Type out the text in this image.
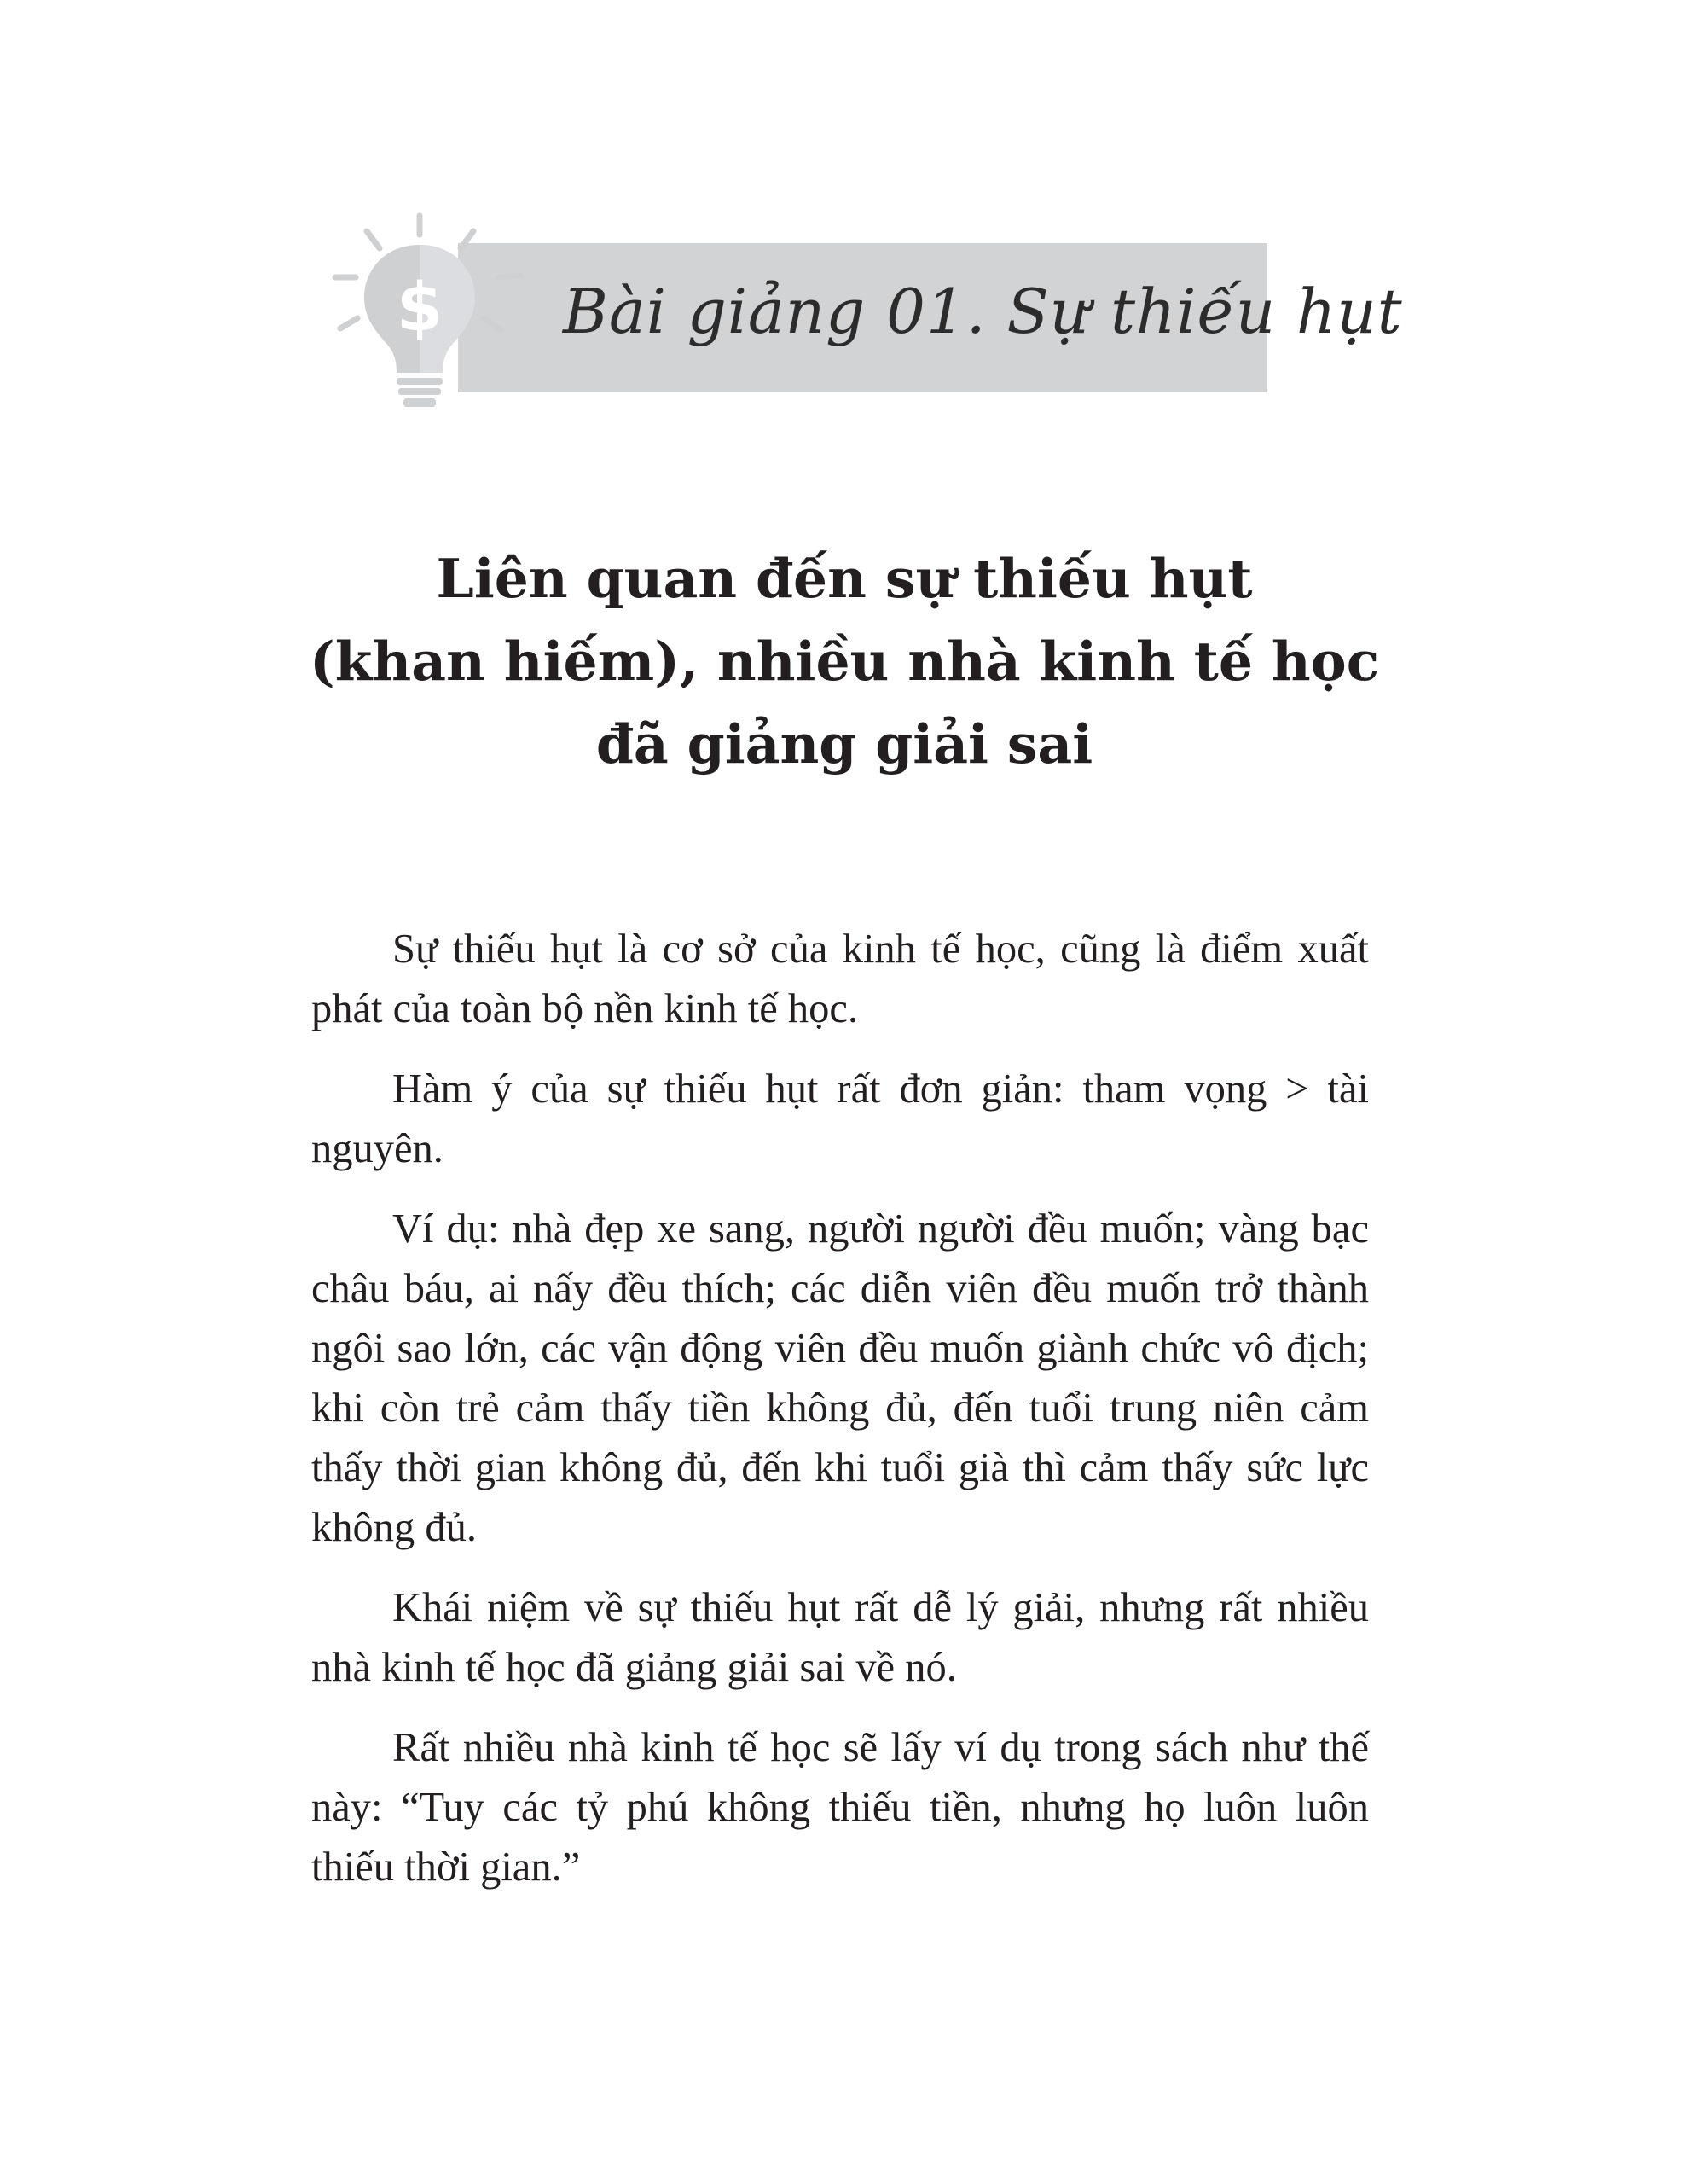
$ Bài giảng 01. Sự thiếu hụt
Liên quan đến sự thiếu hụt
(khan hiếm), nhiều nhà kinh tế học
đã giảng giải sai

Sự thiếu hụt là cơ sở của kinh tế học, cũng là điểm xuất phát của toàn bộ nền kinh tế học.

Hàm ý của sự thiếu hụt rất đơn giản: tham vọng > tài nguyên.

Ví dụ: nhà đẹp xe sang, người người đều muốn; vàng bạc châu báu, ai nấy đều thích; các diễn viên đều muốn trở thành ngôi sao lớn, các vận động viên đều muốn giành chức vô địch; khi còn trẻ cảm thấy tiền không đủ, đến tuổi trung niên cảm thấy thời gian không đủ, đến khi tuổi già thì cảm thấy sức lực không đủ.

Khái niệm về sự thiếu hụt rất dễ lý giải, nhưng rất nhiều nhà kinh tế học đã giảng giải sai về nó.

Rất nhiều nhà kinh tế học sẽ lấy ví dụ trong sách như thế này: “Tuy các tỷ phú không thiếu tiền, nhưng họ luôn luôn thiếu thời gian.”
